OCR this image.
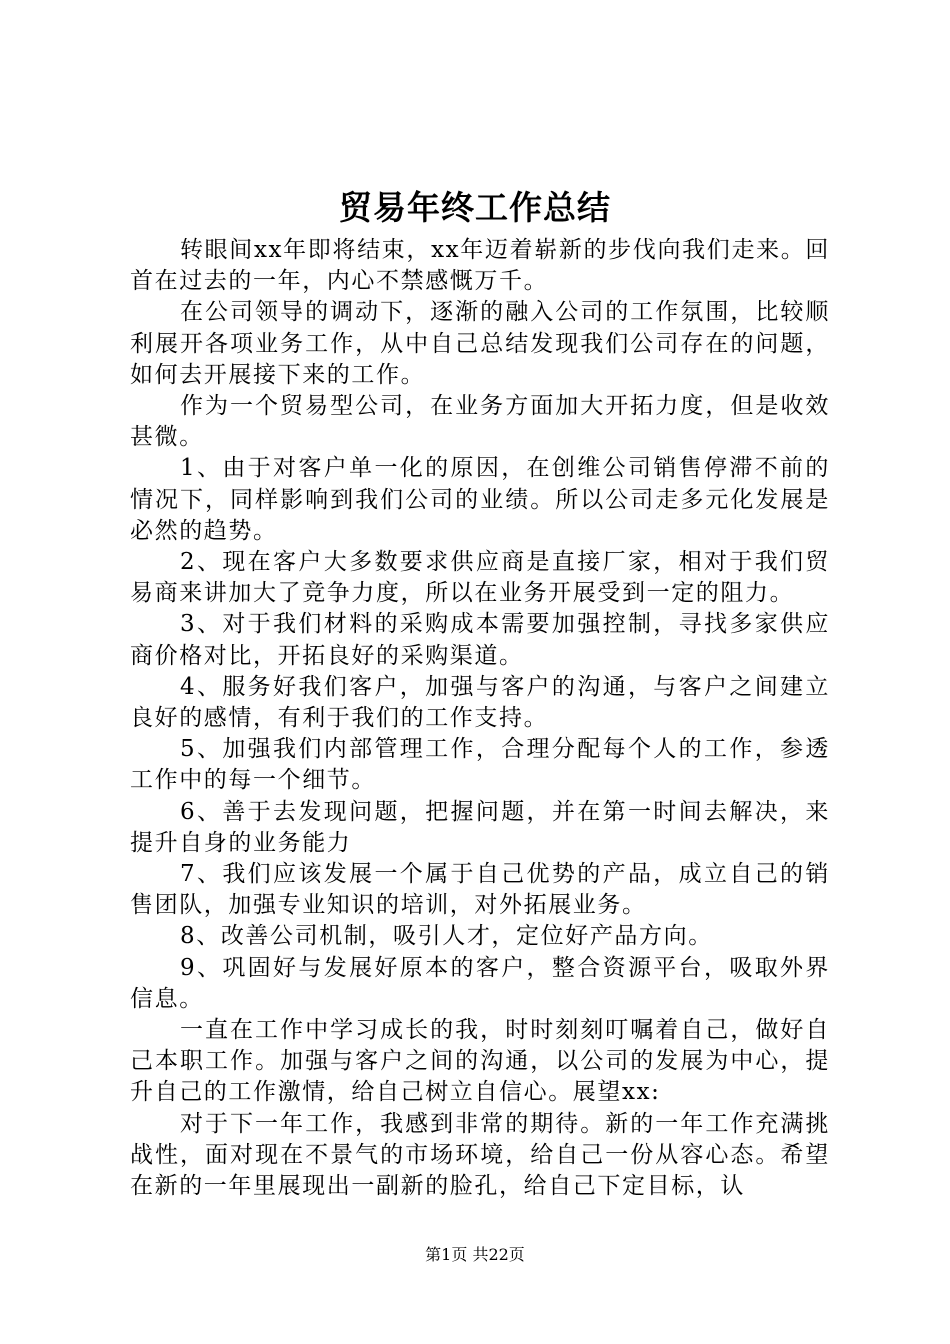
贸易年终工作总结

转眼间xx年即将结束，xx年迈着崭新的步伐向我们走来。回首在过去的一年，内心不禁感慨万千。

在公司领导的调动下，逐渐的融入公司的工作氛围，比较顺利展开各项业务工作，从中自己总结发现我们公司存在的问题，如何去开展接下来的工作。

作为一个贸易型公司，在业务方面加大开拓力度，但是收效甚微。

1、由于对客户单一化的原因，在创维公司销售停滞不前的情况下，同样影响到我们公司的业绩。所以公司走多元化发展是必然的趋势。

2、现在客户大多数要求供应商是直接厂家，相对于我们贸易商来讲加大了竞争力度，所以在业务开展受到一定的阻力。

3、对于我们材料的采购成本需要加强控制，寻找多家供应商价格对比，开拓良好的采购渠道。

4、服务好我们客户，加强与客户的沟通，与客户之间建立良好的感情，有利于我们的工作支持。

5、加强我们内部管理工作，合理分配每个人的工作，参透工作中的每一个细节。

6、善于去发现问题，把握问题，并在第一时间去解决，来提升自身的业务能力

7、我们应该发展一个属于自己优势的产品，成立自己的销售团队，加强专业知识的培训，对外拓展业务。

8、改善公司机制，吸引人才，定位好产品方向。

9、巩固好与发展好原本的客户，整合资源平台，吸取外界信息。

一直在工作中学习成长的我，时时刻刻叮嘱着自己，做好自己本职工作。加强与客户之间的沟通，以公司的发展为中心，提升自己的工作激情，给自己树立自信心。展望xx:

对于下一年工作，我感到非常的期待。新的一年工作充满挑战性，面对现在不景气的市场环境，给自己一份从容心态。希望在新的一年里展现出一副新的脸孔，给自己下定目标，认

第1页 共22页
